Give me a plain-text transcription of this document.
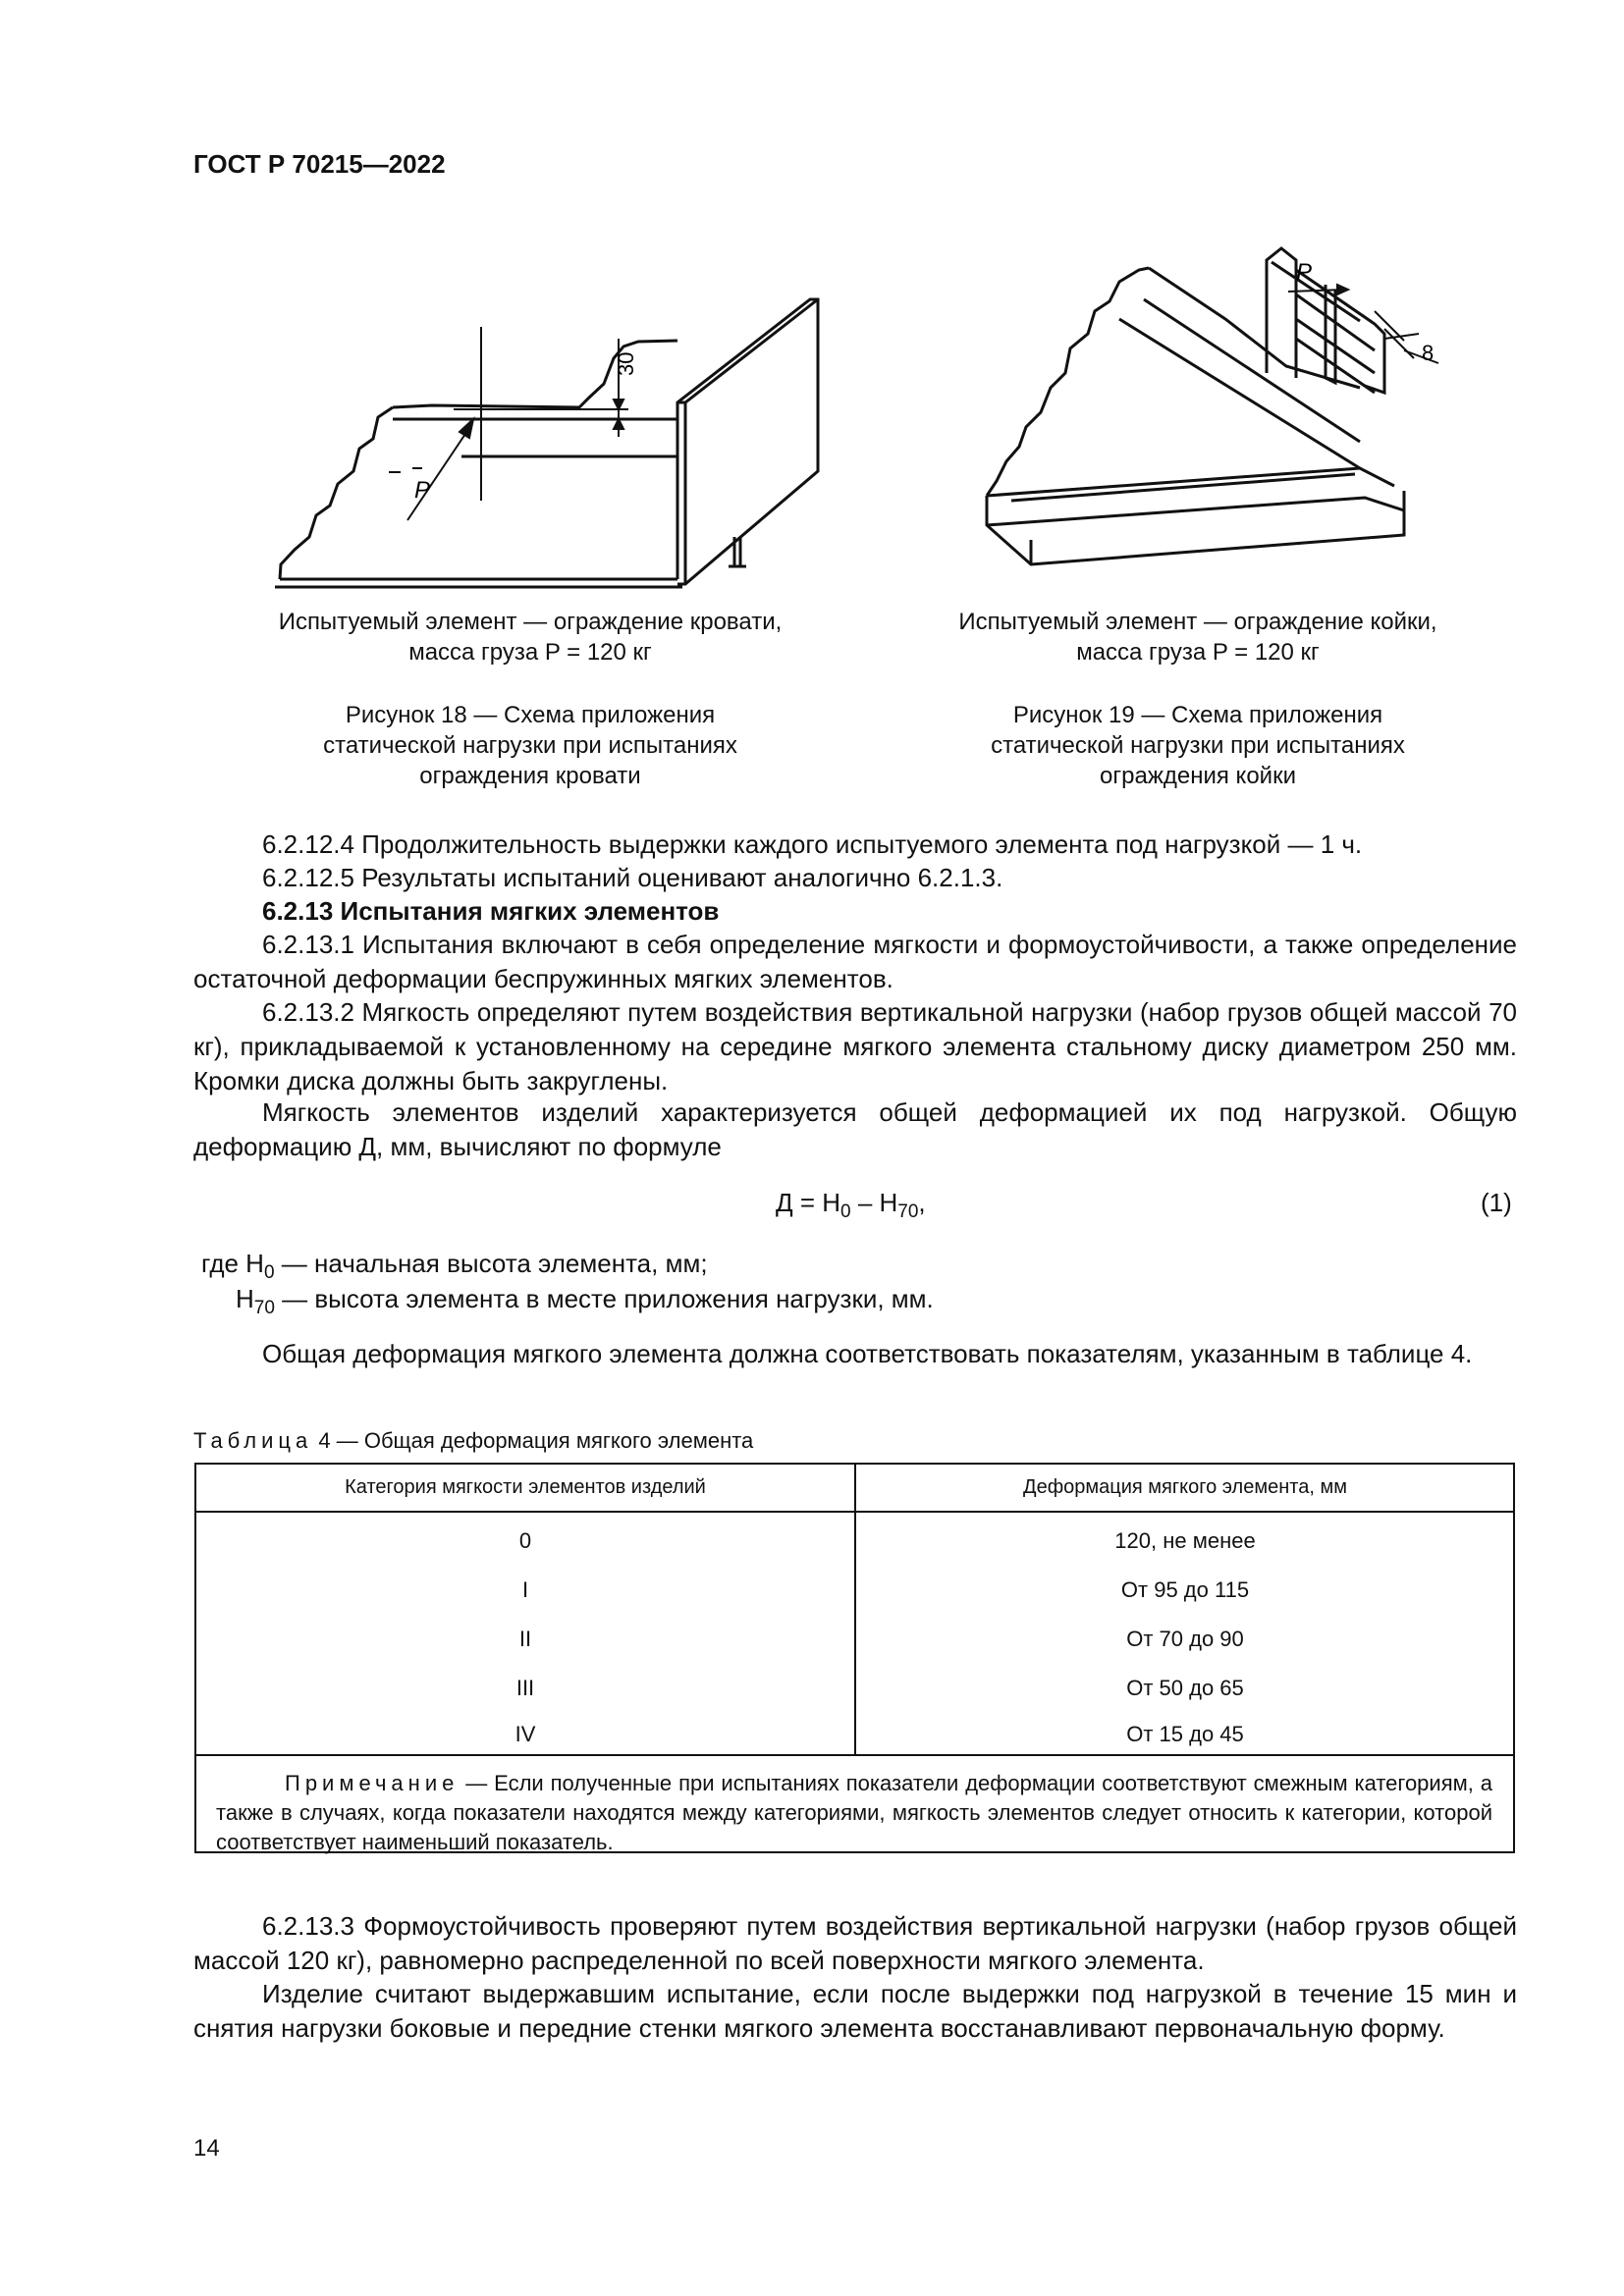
ГОСТ Р 70215—2022
30
P
P
8
Испытуемый элемент — ограждение кровати,
масса груза P = 120 кг
Рисунок 18 — Схема приложения
статической нагрузки при испытаниях
ограждения кровати
Испытуемый элемент — ограждение койки,
масса груза P = 120 кг
Рисунок 19 — Схема приложения
статической нагрузки при испытаниях
ограждения койки
6.2.12.4 Продолжительность выдержки каждого испытуемого элемента под нагрузкой — 1 ч.
6.2.12.5 Результаты испытаний оценивают аналогично 6.2.1.3.
6.2.13 Испытания мягких элементов
6.2.13.1 Испытания включают в себя определение мягкости и формоустойчивости, а также определение остаточной деформации беспружинных мягких элементов.
6.2.13.2 Мягкость определяют путем воздействия вертикальной нагрузки (набор грузов общей массой 70 кг), прикладываемой к установленному на середине мягкого элемента стальному диску диаметром 250 мм. Кромки диска должны быть закруглены.
Мягкость элементов изделий характеризуется общей деформацией их под нагрузкой. Общую деформацию Д, мм, вычисляют по формуле
$Д = H_0 - H_{70}$,	(1)
где $H_0$ — начальная высота элемента, мм;
$H_{70}$ — высота элемента в месте приложения нагрузки, мм.
Общая деформация мягкого элемента должна соответствовать показателям, указанным в таблице 4.
Таблица 4 — Общая деформация мягкого элемента
Категория мягкости элементов изделий	Деформация мягкого элемента, мм
0	120, не менее
I	От 95 до 115
II	От 70 до 90
III	От 50 до 65
IV	От 15 до 45
Примечание — Если полученные при испытаниях показатели деформации соответствуют смежным категориям, а также в случаях, когда показатели находятся между категориями, мягкость элементов следует относить к категории, которой соответствует наименьший показатель.
6.2.13.3 Формоустойчивость проверяют путем воздействия вертикальной нагрузки (набор грузов общей массой 120 кг), равномерно распределенной по всей поверхности мягкого элемента.
Изделие считают выдержавшим испытание, если после выдержки под нагрузкой в течение 15 мин и снятия нагрузки боковые и передние стенки мягкого элемента восстанавливают первоначальную форму.
14
